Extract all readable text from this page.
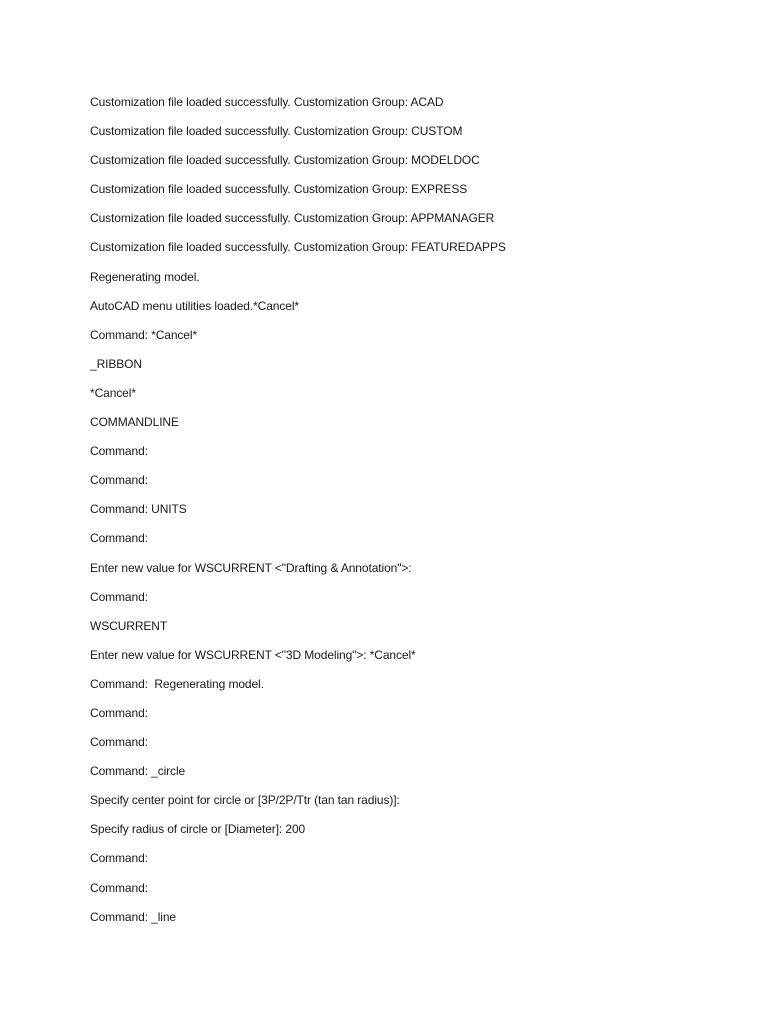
Customization file loaded successfully. Customization Group: ACAD
Customization file loaded successfully. Customization Group: CUSTOM
Customization file loaded successfully. Customization Group: MODELDOC
Customization file loaded successfully. Customization Group: EXPRESS
Customization file loaded successfully. Customization Group: APPMANAGER
Customization file loaded successfully. Customization Group: FEATUREDAPPS
Regenerating model.
AutoCAD menu utilities loaded.*Cancel*
Command: *Cancel*
_RIBBON
*Cancel*
COMMANDLINE
Command:
Command:
Command: UNITS
Command:
Enter new value for WSCURRENT <"Drafting & Annotation">:
Command:
WSCURRENT
Enter new value for WSCURRENT <"3D Modeling">: *Cancel*
Command:  Regenerating model.
Command:
Command:
Command: _circle
Specify center point for circle or [3P/2P/Ttr (tan tan radius)]:
Specify radius of circle or [Diameter]: 200
Command:
Command:
Command: _line
